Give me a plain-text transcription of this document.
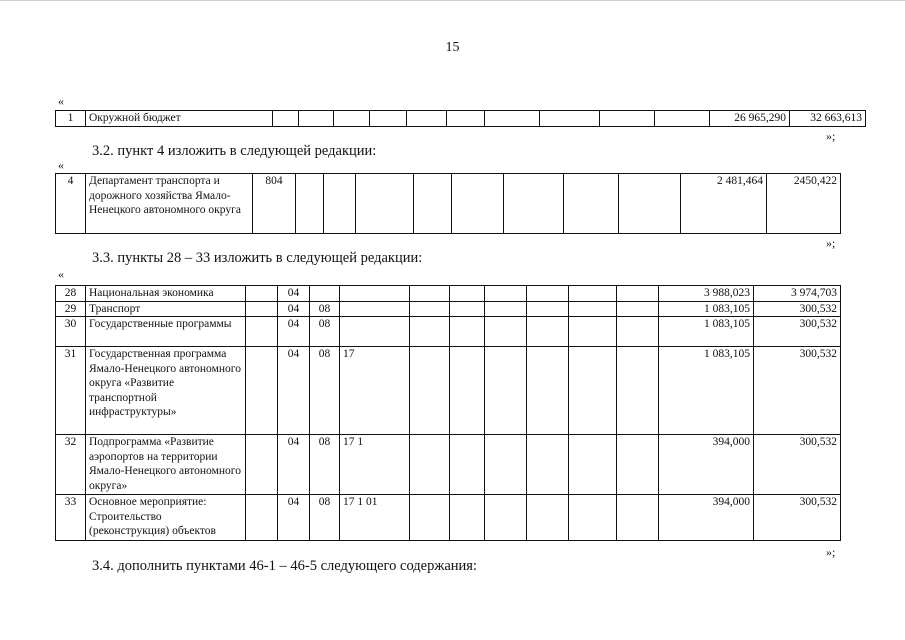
15
«
1	Окружной бюджет											26 965,290	32 663,613
»;
3.2. пункт 4 изложить в следующей редакции:
«
4	Департамент транспорта и дорожного хозяйства Ямало-Ненецкого автономного округа	804									2 481,464	2450,422
»;
3.3. пункты 28 – 33 изложить в следующей редакции:
«
28	Национальная экономика		04									3 988,023	3 974,703
29	Транспорт		04	08								1 083,105	300,532
30	Государственные программы		04	08								1 083,105	300,532
31	Государственная программа Ямало-Ненецкого автономного округа «Развитие транспортной инфраструктуры»		04	08	17							1 083,105	300,532
32	Подпрограмма «Развитие аэропортов на территории Ямало-Ненецкого автономного округа»		04	08	17 1							394,000	300,532
33	Основное мероприятие: Строительство (реконструкция) объектов		04	08	17 1 01							394,000	300,532
»;
3.4. дополнить пунктами 46-1 – 46-5 следующего содержания:
